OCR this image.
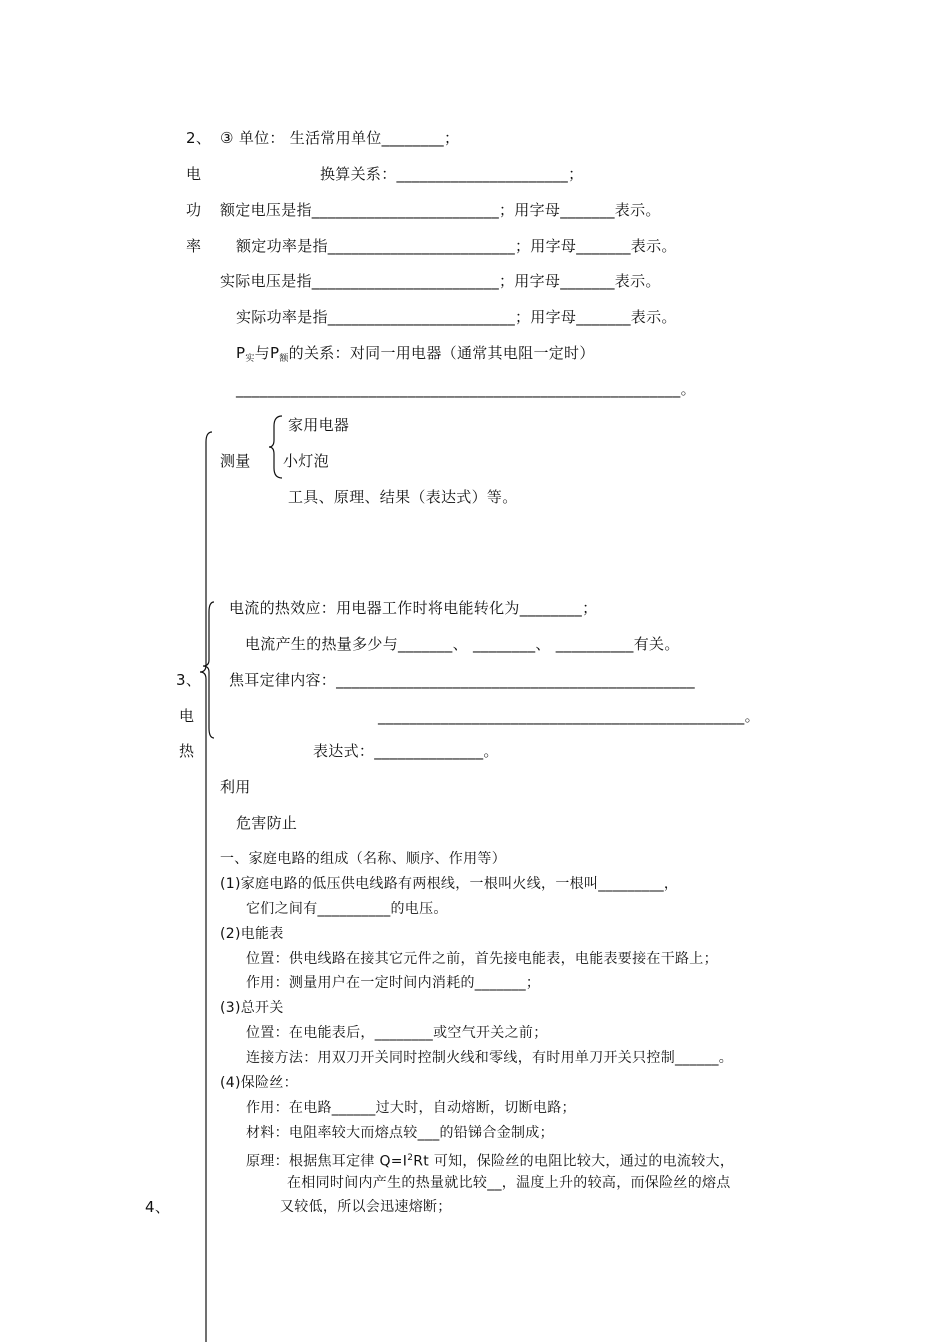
2、
电
功
率
③ 单位： 生活常用单位________；
换算关系：______________________；
额定电压是指________________________；用字母_______表示。
额定功率是指________________________；用字母_______表示。
实际电压是指________________________；用字母_______表示。
实际功率是指________________________；用字母_______表示。
$P_实$与$P_额$的关系：对同一用电器（通常其电阻一定时）
_________________________________________________________。
测量
家用电器
小灯泡
工具、原理、结果（表达式）等。
3、
电
热
电流的热效应：用电器工作时将电能转化为________；
电流产生的热量多少与_______、 ________、 __________有关。
焦耳定律内容：______________________________________________
_______________________________________________。
表达式：______________。
利用
危害防止
4、
一、家庭电路的组成（名称、顺序、作用等）
(1)家庭电路的低压供电线路有两根线，一根叫火线，一根叫_________，
它们之间有__________的电压。
(2)电能表
位置：供电线路在接其它元件之前，首先接电能表，电能表要接在干路上；
作用：测量用户在一定时间内消耗的_______；
(3)总开关
位置：在电能表后，________或空气开关之前；
连接方法：用双刀开关同时控制火线和零线，有时用单刀开关只控制______。
(4)保险丝：
作用：在电路______过大时，自动熔断，切断电路；
材料：电阻率较大而熔点较___的铅锑合金制成；
原理：根据焦耳定律 $Q=I^2Rt$ 可知，保险丝的电阻比较大，通过的电流较大，
在相同时间内产生的热量就比较__，温度上升的较高，而保险丝的熔点
又较低，所以会迅速熔断；
